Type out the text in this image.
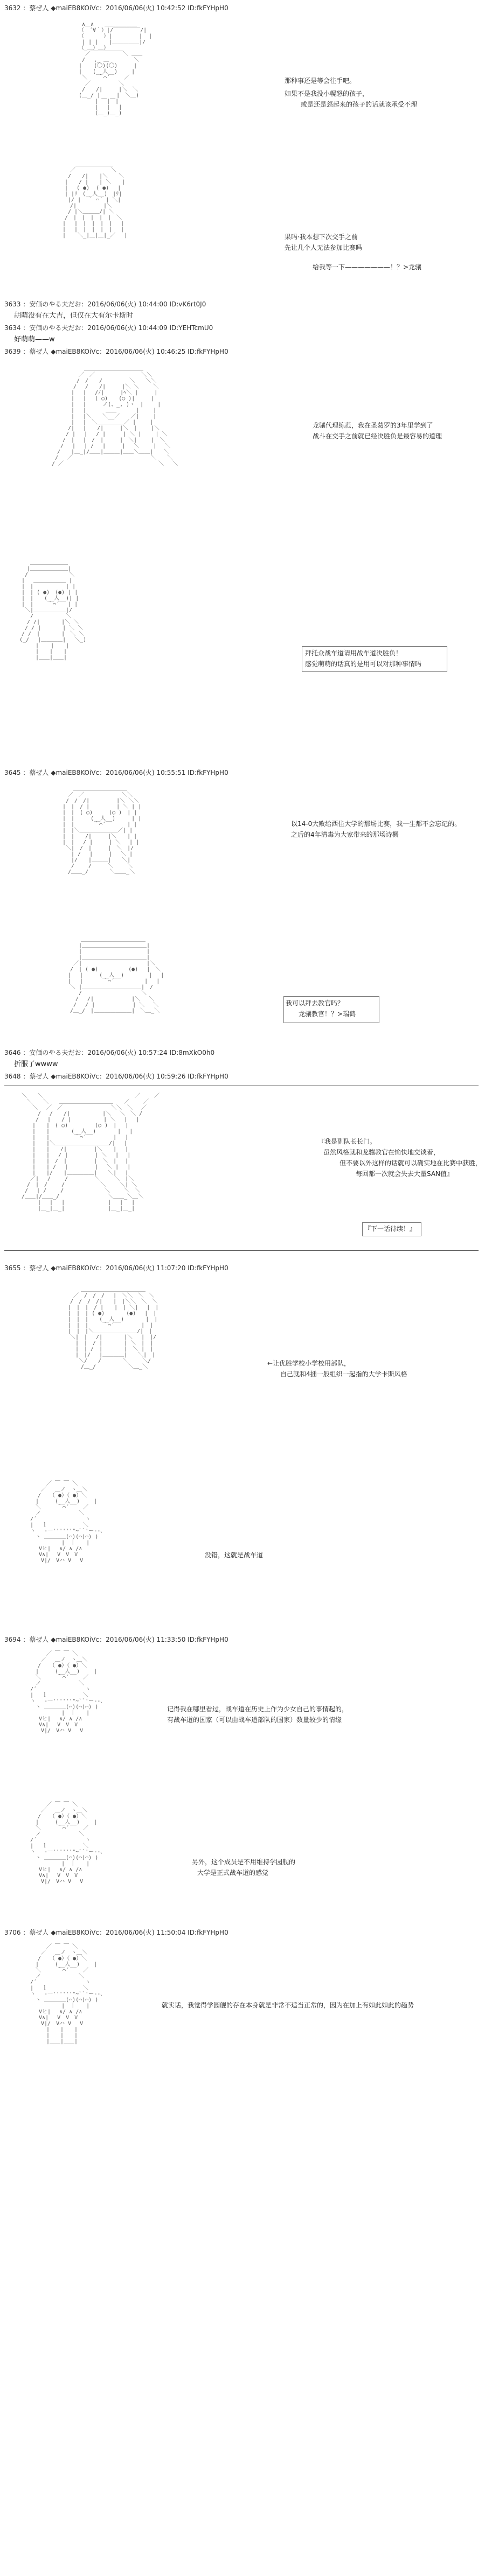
3632 ：蔡ぜ人 ◆maiEB8KOiVc：2016/06/06(火) 10:42:52 ID:fkFYHpH0
∧＿∧　　＿＿＿＿＿＿
（　´∀｀）|/￣￣￣￣￣/|
（　　　 ）|　　　　　|  |
| | |　　|＿＿＿＿＿|/
（_＿）＿）　　　　　　
／￣￣￣￣￣￣＼ ＿＿
/　 ,_ ＿　　　　 ＼
| 　 (〇)(〇)　　　|
|　　(__人__)　　 |
＼　　｀⌒´　　 ／
／ 　　　 　＼
/　　/|　　　|＼　＼
(＿_/ |　　　|　＼＿)
| ￣|￣|
| 　| 　|
(＿_)＿_)
那种事还是等会往手吧。
如果不是我没小幌怒的孩子，
或是还是怒起来的孩子的话就该承受不理
　　　　＿＿＿＿＿＿＿
　　　／　　　　　　 ＼
　　 /　　/|　　|＼　　＼
　　|　　/ |　　| ＼　　|
　　|　 ( ●)  ( ●)　 |
　　| |ﾘ　(__人__)　|ﾘ|
　　 |/ |  ｀ ⌒´ | ＼|
　　　/|　　　　　|＼
　　 / |＼＿＿＿/| ＼
　　/　|　|　|　|　|　＼
　 |　 |　|　|　|　|　 |
　 |　 |　|　|　|　|　 |
　 | 　 ＼_|＿|＿|_／ 　|	果吗·我本想下次交手之前
先让几个人无法参加比赛吗
给我等一下———————！？>龙骧
3633 ：安価のやる夫だお：2016/06/06(火) 10:44:00 ID:vK6rt0J0
胡萌没有在大吉，但仅在大有尔卡斯时
3634 ：安価のやる夫だお：2016/06/06(火) 10:44:09 ID:YEHTcmU0
好萌萌——w
3639 ：蔡ぜ人 ◆maiEB8KOiVc：2016/06/06(火) 10:46:25 ID:fkFYHpH0
　　　　　　＿＿＿＿＿＿＿＿＿＿＿
　　　　　／　／　　　　　　　　 ＼＼
　　　　 /　/　　/　　　　　＼　　＼＼
　　　　/ 　/　　/|　　　|＼ ＼　　 ＼
　　　 |　 |　 /ﾉ|　　　|ﾍ＼ |　　　|
　　　 |　 |　 ( ○)　　(○ )|　　　|
　　　 |　 |　　　ノ(、_, )ヽ　|　　 |
　　　 |　 |　　　 ＿＿　　 　|　　 |
　　　 |　 |＼　　＼__／　　／|　　 |
　　　 |　 |　＼＿＿＿＿＿／ |　　 |
　　　/|　 |　　/|　　　|＼　|　　 |＼
　　 / |　 | 　/ |　 　 | ＼ |　　 | ＼
　　/　|　 |　/　|　　　|　＼|　　 |　＼
　 /　 |　 | /　 |　　　|　 ＼　　 |　 ＼
　/　　|＿_|/＿＿|＿＿＿|＿＿＼＿＿|　　＼
/　 ／　　　　 　　　　　　　　　　＼　　＼
/ ／　　　　　　　　　　　　　　　　　 ＼　 ＼
龙骧代理练范，我在圣葛罗的3年里学到了
战斗在交手之前就已经决胜负是最容易的道理
　　 ＿＿＿＿＿＿＿
　　|＿＿＿＿＿＿＿|
　 /　　　　　　　 ＼
　|　 ＿＿＿＿＿＿ |
　|　|　　　　　　| |
　|　| ( ●)　(●) | |
　|　|　　(__人__)| |
　|　|　　 ｀⌒´ 　| |
　 ＼|＿＿＿＿＿＿|/
　　 /　　　　　　＼
　　/ /|　　　　|＼ ＼
　 / / |　　　　| ＼ ＼
　/ /　|　　　　|　＼ ＼
(_/ 　|＿＿＿＿|　 ＼_)
　　　 | 　 | 　 |
　　　 |　　|　　|
　　　 |＿＿|＿＿|
拜托众战车道请用战车道决胜负！
感觉萌萌的话真的是用可以对那种事情吗
3645 ：蔡ぜ人 ◆maiEB8KOiVc：2016/06/06(火) 10:55:51 ID:fkFYHpH0
　　　　＿＿＿＿＿＿＿＿＿＿
　　　／　／　　　　　　　＼＼
　　 /　/　/|　　　　　|＼ ＼＼
　　|　|　/ |　　　　　| ＼ | |
　　|　|　( ○)　　　(○ )　| |
　　|　|　　　(__人__)　　　| |
　　|　|　　　 ｀⌒´　　　　| |
　　|　|＼＿＿＿＿＿＿＿／| |
　　|　|　　/|　　　|＼　　| |
　　|　| 　/ |　　　| ＼ 　| |
　　 ＼|　/　|　　　|　＼　|/
　　　 | /　 |　　　|　 ＼ |
　　　 |/　　|＿＿＿|　　＼|
　　　 /　　 /　　　＼　　 ＼
　　　/＿＿_/　　　　＼＿＿_＼
以14-0大败给西住大学的那场比赛，我一生都不会忘记的。
之后的4年清毒为大家带来的那场诗概
　　　　＿＿＿＿＿＿＿＿＿＿＿＿
　　　 |＿＿＿＿＿＿＿＿＿＿＿＿|
　　　 |　　　　　　　　　　　　|
　　　 |＿＿＿＿＿＿＿＿＿＿＿＿|
　　 ／|　　　　　　　　　　　　|＼
　　/　| ( ●)　　　　　 (●)　 |　＼
　 |　 |　　　(__人__)　　　　 |　 |
　 |　 |　　　 ｀⌒´　　　　　 |　 |
　　＼ |＿＿＿＿＿＿＿＿＿＿＿|　/
　　　 /　　　　　　　　　　　＼
　　　/　 /|　　　　　　　|＼　 ＼
　　 /　 / |　　　　　　　| ＼　 ＼
　　/＿_/　|＿＿＿＿＿＿＿|　＼＿_＼
我可以拜去教官吗？
龙骧教官！？>瑞鹤
3646 ：安価のやる夫だお：2016/06/06(火) 10:57:24 ID:8mXkO0h0
折服了wwww
3648 ：蔡ぜ人 ◆maiEB8KOiVc：2016/06/06(火) 10:59:26 ID:fkFYHpH0
　＼　　＼　　　　　　　　　　　　　　　　　／　　 ／
　　＼　　＼　　＿＿＿＿＿＿＿＿＿＿　　／　　 ／
　　　＼　 ／　／　　　　　　　　　＼＼　＼　 ／
　　　　/ 　/　　/|　　　　　　|＼　 ＼　＼ /
　　　 /　 |　　/ |　　　　　　| ＼　 |　 |
　　　|　　|　( ○)　　　　　(○ )　|　 |
　　　|　　|　　　　(__人__)　　　　|　 |
　　　|　　|　　　　 ｀⌒´　　　　　|　 |
　　　|　　|＼＿＿＿＿＿＿＿＿＿＿/|　 |
　　　|　　|　　/|　　　　　|＼　　|　 |
　　　|　　| 　/ |　　　　　| ＼ 　|　 |
　　　|　　|　/　|　　　　　|　＼　|　 |
　　　|　　| /　 |　　　　　|　 ＼ |　 |
　　　|　　|/　　|＿＿＿＿＿|　　＼|　 |
　　 ／|　 /　　 /　　　　　＼　　 ＼　|＼
　　/　|　/　　 /　　　　　　 ＼　　 ＼| ＼
　 /　 | /　　 /　　　　　　　 ＼　　 ＼　＼
　/＿＿|/＿＿_/　　　　　　　　　＼＿＿_＼＿＼
　　　　|　 |　 |　　　　　　　　|　 |　 |
　　　　|＿_|＿_|　　　　　　　　|＿_|＿_|
『我是副队长长门。
虽然风格就和龙骧教官在愉快地交谈着，
但不要以外这样的话就可以确实地在比赛中获胜，
每回都一次就会失去大量SAN值』
『下一话待续！』
3655 ：蔡ぜ人 ◆maiEB8KOiVc：2016/06/06(火) 11:07:20 ID:fkFYHpH0
　　　　　　＿＿＿＿＿＿＿＿＿＿＿＿
　　　　 ／　/　/　/　 |　＼＼　＼　＼
　　　　/　/　/　/|　　|　|＼＼　＼　＼
　　　 |　|　|　/ |　　|　| ＼|　 |　|
　　　 |　|　| ( ●)　　　　(●)　 |　|
　　　 |　|　|　　(__人__)　　　　|　|
　　　 |　|　|　　 ｀⌒´　　　　　|　|
　　　 |　|　|＼＿＿＿＿＿＿＿＿/|　|
　　　　＼|　|　 /|　　　　|＼　 |　|/
　　　　　|　|　/ |　　　　| ＼　|　|
　　　　　|　| /　|　　　　|　＼ |　|
　　　　　|　|/　 |＿＿＿＿|　　＼|　|
　　　　　 ＼/　　/　　　　＼　　 ＼/
　　　　　　/＿_/　　　　　　＼＿_＼	←让优胜学校小学校用部队，
自己就和4插一般组织一起指的大学卡斯风格
　　　 ／ ￣ ￣ ＼
　　 ／　 ＿ノ　ヽ＿＼
　　/　 （ ●）（ ●）＼
　 |　　　(__人__)　　 |
　 ＼　　　｀⌒´ 　　／
　 ノ　　　　　　　＼
/´　　　　　　　　　ヽ
|　 ｌ　　　　　　 ＼
ヽ　 -一''''''"~``'ー--､
　ヽ ＿＿＿＿(⌒)(⌒)⌒) )
　 　 　　 |　｜　　|
　 Vヒ|　 ∧/ ∧ /∧
　 V∧|　 V　V　V
　 　V|/　Vハ V　 V
没错，这就是战车道
3694 ：蔡ぜ人 ◆maiEB8KOiVc：2016/06/06(火) 11:33:50 ID:fkFYHpH0
　　　 ／ ￣ ￣ ＼
　　 ／　 ＿ノ　ヽ＿＼
　　/　 （ ●）（ ●）＼
　 |　　　(__人__)　　 |
　 ＼　　　｀⌒´ 　　／
　 ノ　　　　　　　＼
/´　　　　　　　　　ヽ
|　 ｌ　　　　　　 ＼
ヽ　 -一''''''"~``'ー--､
　ヽ ＿＿＿＿(⌒)(⌒)⌒) )
　 　 　　 |　｜　　|
　 Vヒ|　 ∧/ ∧ /∧
　 V∧|　 V　V　V
　 　V|/　Vハ V　 V
记得我在哪里看过，战车道在历史上作为少女自己的事情起的，
有战车道的国家（可以由战车道部队的国家）数量较少的情缘
　　　 ／ ￣ ￣ ＼
　　 ／　 ＿ノ　ヽ＿＼
　　/　 （ ●）（ ●）＼
　 |　　　(__人__)　　 |
　 ＼　　　｀⌒´ 　　／
　 ノ　　　　　　　＼
/´　　　　　　　　　ヽ
|　 ｌ　　　　　　 ＼
ヽ　 -一''''''"~``'ー--､
　ヽ ＿＿＿＿(⌒)(⌒)⌒) )
　 　 　　 |　｜　　|
　 Vヒ|　 ∧/ ∧ /∧
　 V∧|　 V　V　V
　 　V|/　Vハ V　 V
另外，这个成员是不用维持学园舰的
大学是正式战车道的感觉
3706 ：蔡ぜ人 ◆maiEB8KOiVc：2016/06/06(火) 11:50:04 ID:fkFYHpH0
　　　 ／ ￣ ￣ ＼
　　 ／　 ＿ノ　ヽ＿＼
　　/　 （ ●）（ ●）＼
　 |　　　(__人__)　　 |
　 ＼　　　｀⌒´ 　　／
　 ノ　　　　　　　＼
/´　　　　　　　　　ヽ
|　 ｌ　　　　　　 ＼
ヽ　 -一''''''"~``'ー--､
　ヽ ＿＿＿＿(⌒)(⌒)⌒) )
　 　 　　 |　｜　　|
　 Vヒ|　 ∧/ ∧ /∧
　 V∧|　 V　V　V
　 　V|/　Vハ V　 V
　　　 |　　|　　|
　　　 |　　|　　|
　　　 |＿＿|＿＿|
就实话，我觉得学园舰的存在本身就是非常不适当正常的，因为在加上有如此如此的趋势
